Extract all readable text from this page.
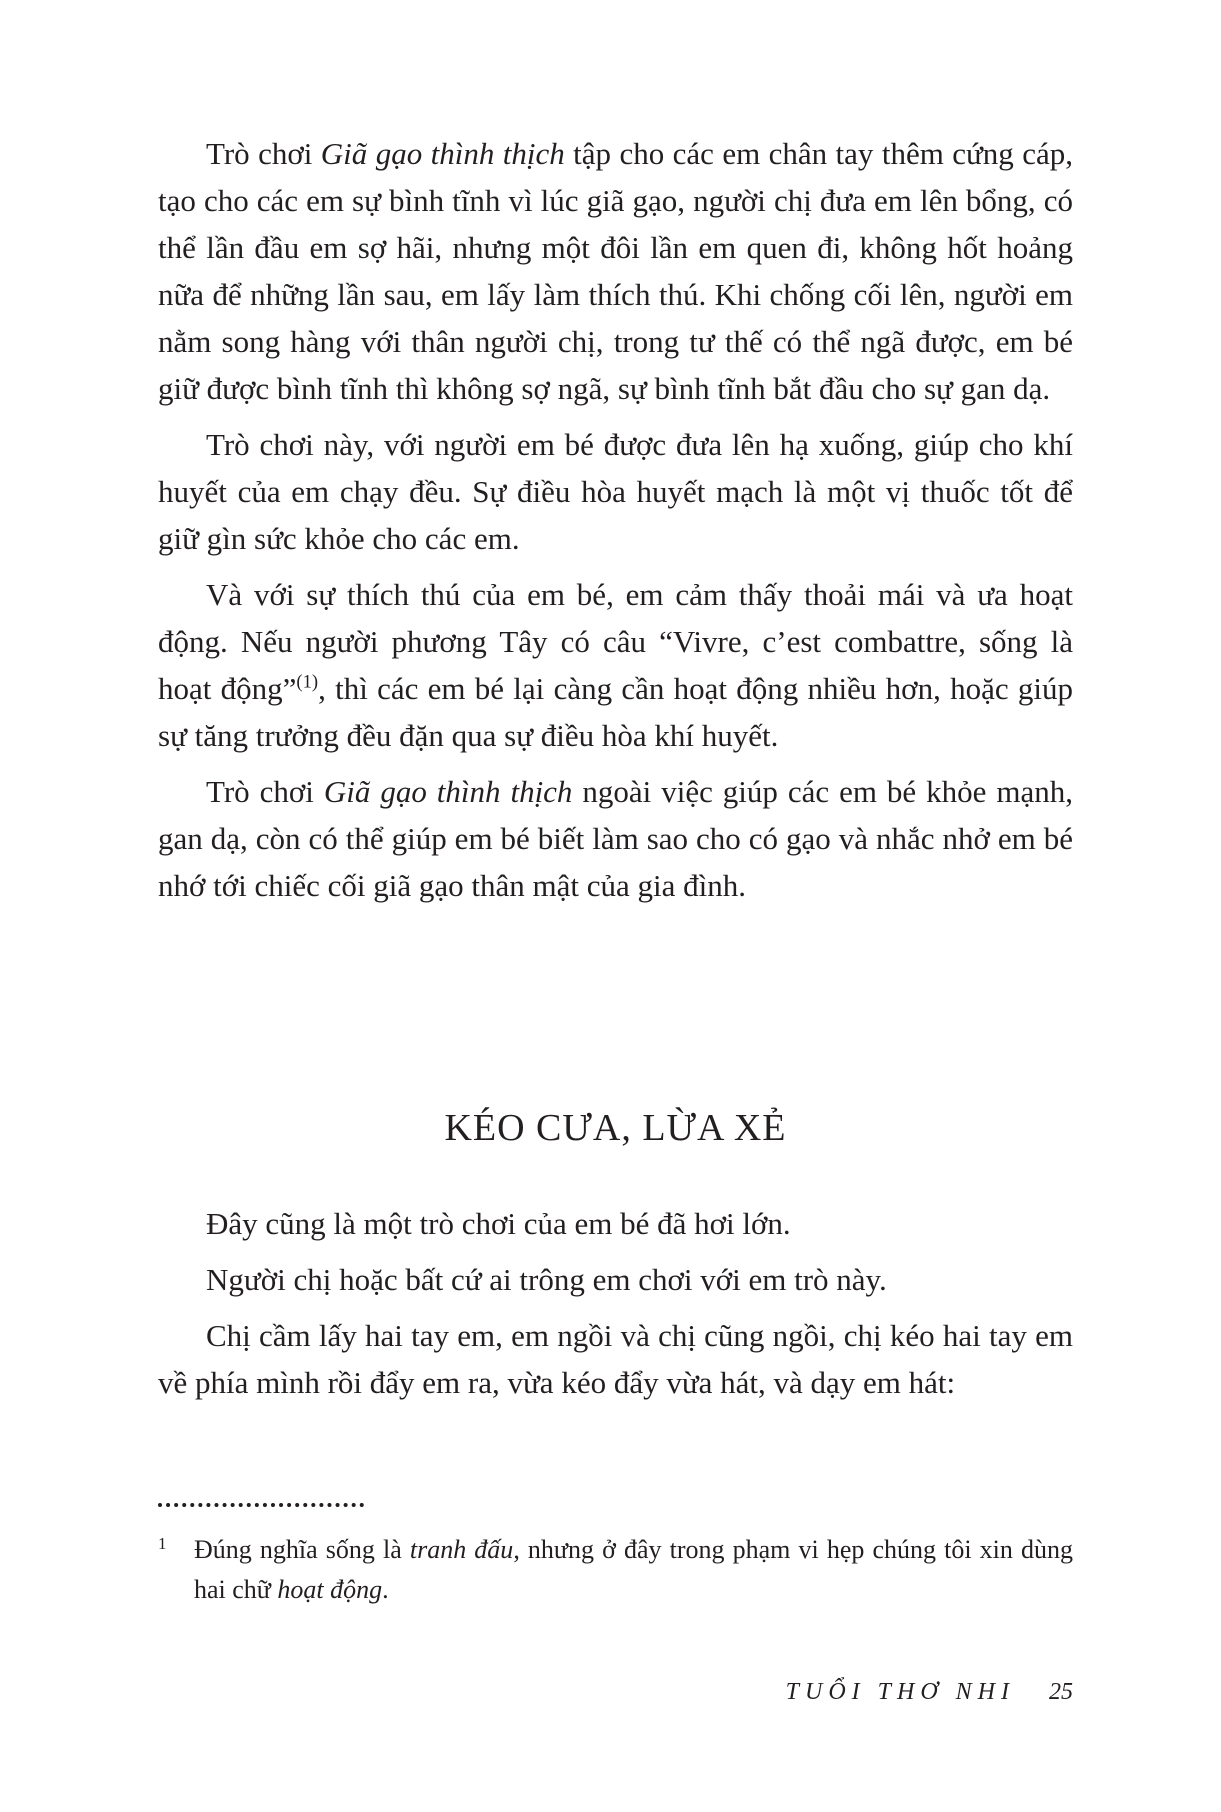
Trò chơi Giã gạo thình thịch tập cho các em chân tay thêm cứng cáp, tạo cho các em sự bình tĩnh vì lúc giã gạo, người chị đưa em lên bổng, có thể lần đầu em sợ hãi, nhưng một đôi lần em quen đi, không hốt hoảng nữa để những lần sau, em lấy làm thích thú. Khi chống cối lên, người em nằm song hàng với thân người chị, trong tư thế có thể ngã được, em bé giữ được bình tĩnh thì không sợ ngã, sự bình tĩnh bắt đầu cho sự gan dạ.

Trò chơi này, với người em bé được đưa lên hạ xuống, giúp cho khí huyết của em chạy đều. Sự điều hòa huyết mạch là một vị thuốc tốt để giữ gìn sức khỏe cho các em.

Và với sự thích thú của em bé, em cảm thấy thoải mái và ưa hoạt động. Nếu người phương Tây có câu “Vivre, c’est combattre, sống là hoạt động”$^{(1)}$, thì các em bé lại càng cần hoạt động nhiều hơn, hoặc giúp sự tăng trưởng đều đặn qua sự điều hòa khí huyết.

Trò chơi Giã gạo thình thịch ngoài việc giúp các em bé khỏe mạnh, gan dạ, còn có thể giúp em bé biết làm sao cho có gạo và nhắc nhở em bé nhớ tới chiếc cối giã gạo thân mật của gia đình.

KÉO CƯA, LỪA XẺ

Đây cũng là một trò chơi của em bé đã hơi lớn.

Người chị hoặc bất cứ ai trông em chơi với em trò này.

Chị cầm lấy hai tay em, em ngồi và chị cũng ngồi, chị kéo hai tay em về phía mình rồi đẩy em ra, vừa kéo đẩy vừa hát, và dạy em hát:

1 Đúng nghĩa sống là tranh đấu, nhưng ở đây trong phạm vi hẹp chúng tôi xin dùng hai chữ hoạt động.

TUỔI THƠ NHI 25
